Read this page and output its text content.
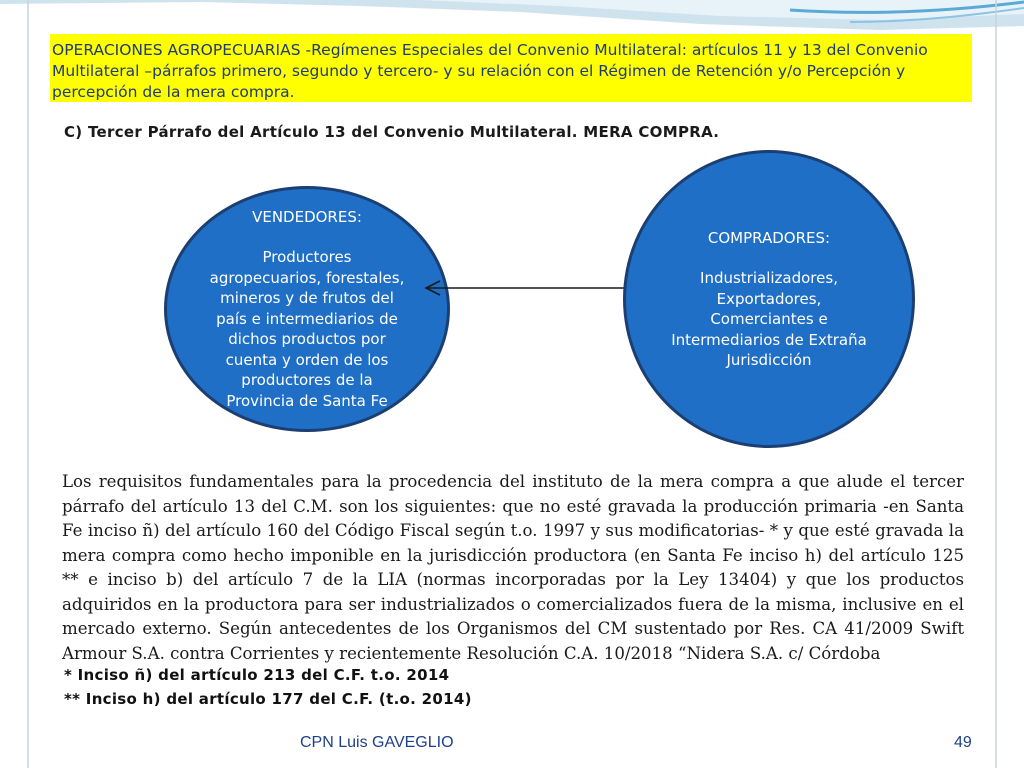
OPERACIONES AGROPECUARIAS -Regímenes Especiales del Convenio Multilateral: artículos 11 y 13 del Convenio Multilateral –párrafos primero, segundo y tercero- y su relación con el Régimen de Retención y/o Percepción y percepción de la mera compra.
C) Tercer Párrafo del Artículo 13 del Convenio Multilateral. MERA COMPRA.
VENDEDORES:
Productores agropecuarios, forestales, mineros y de frutos del país e intermediarios de dichos productos por cuenta y orden de los productores de la Provincia de Santa Fe
COMPRADORES:
Industrializadores, Exportadores, Comerciantes e Intermediarios de Extraña Jurisdicción
Los requisitos fundamentales para la procedencia del instituto de la mera compra a que alude el tercer párrafo del artículo 13 del C.M. son los siguientes: que no esté gravada la producción primaria -en Santa Fe inciso ñ) del artículo 160 del Código Fiscal según t.o. 1997 y sus modificatorias- * y que esté gravada la mera compra como hecho imponible en la jurisdicción productora (en Santa Fe inciso h) del artículo 125 ** e inciso b) del artículo 7 de la LIA (normas incorporadas por la Ley 13404) y que los productos adquiridos en la productora para ser industrializados o comercializados fuera de la misma, inclusive en el mercado externo. Según antecedentes de los Organismos del CM sustentado por Res. CA 41/2009 Swift Armour S.A. contra Corrientes y recientemente Resolución C.A. 10/2018 “Nidera S.A. c/ Córdoba
* Inciso ñ) del artículo 213 del C.F. t.o. 2014
** Inciso h) del artículo 177 del C.F. (t.o. 2014)
CPN Luis GAVEGLIO	49
